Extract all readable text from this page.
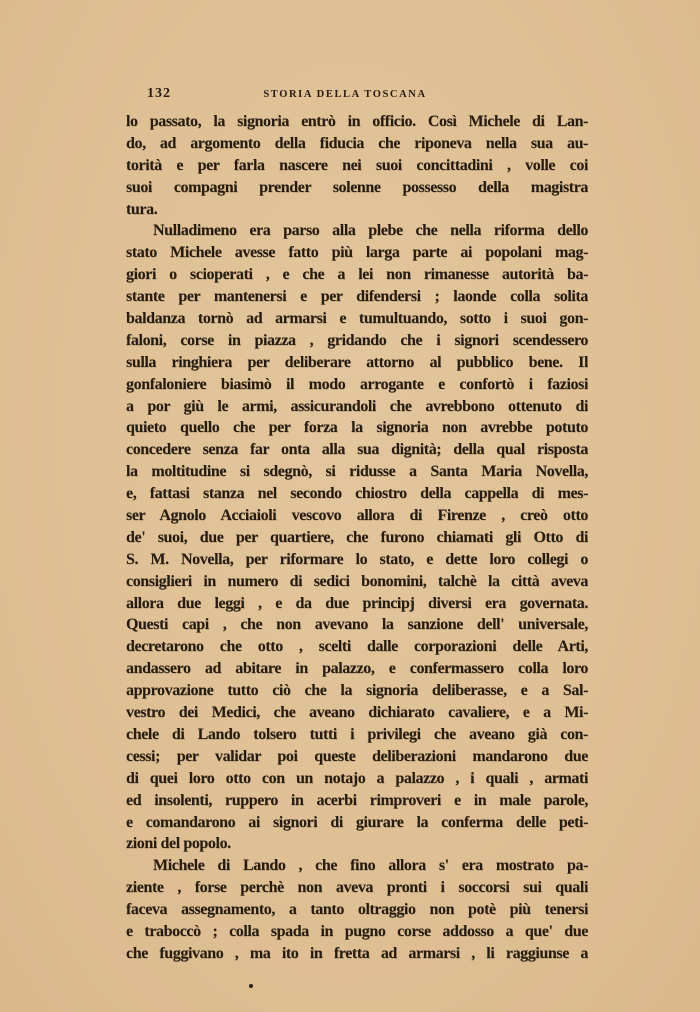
132	STORIA DELLA TOSCANA
lo passato, la signoria entrò in officio. Così Michele di Lan-
do, ad argomento della fiducia che riponeva nella sua au-
torità e per farla nascere nei suoi concittadini , volle coi
suoi compagni prender solenne possesso della magistra
tura.
Nulladimeno era parso alla plebe che nella riforma dello
stato Michele avesse fatto più larga parte ai popolani mag-
giori o scioperati , e che a lei non rimanesse autorità ba-
stante per mantenersi e per difendersi ; laonde colla solita
baldanza tornò ad armarsi e tumultuando, sotto i suoi gon-
faloni, corse in piazza , gridando che i signori scendessero
sulla ringhiera per deliberare attorno al pubblico bene. Il
gonfaloniere biasimò il modo arrogante e confortò i faziosi
a por giù le armi, assicurandoli che avrebbono ottenuto di
quieto quello che per forza la signoria non avrebbe potuto
concedere senza far onta alla sua dignità; della qual risposta
la moltitudine si sdegnò, si ridusse a Santa Maria Novella,
e, fattasi stanza nel secondo chiostro della cappella di mes-
ser Agnolo Acciaioli vescovo allora di Firenze , creò otto
de' suoi, due per quartiere, che furono chiamati gli Otto di
S. M. Novella, per riformare lo stato, e dette loro collegi o
consiglieri in numero di sedici bonomini, talchè la città aveva
allora due leggi , e da due principj diversi era governata.
Questi capi , che non avevano la sanzione dell' universale,
decretarono che otto , scelti dalle corporazioni delle Arti,
andassero ad abitare in palazzo, e confermassero colla loro
approvazione tutto ciò che la signoria deliberasse, e a Sal-
vestro dei Medici, che aveano dichiarato cavaliere, e a Mi-
chele di Lando tolsero tutti i privilegi che aveano già con-
cessi; per validar poi queste deliberazioni mandarono due
di quei loro otto con un notajo a palazzo , i quali , armati
ed insolenti, ruppero in acerbi rimproveri e in male parole,
e comandarono ai signori di giurare la conferma delle peti-
zioni del popolo.
Michele di Lando , che fino allora s' era mostrato pa-
ziente , forse perchè non aveva pronti i soccorsi sui quali
faceva assegnamento, a tanto oltraggio non potè più tenersi
e traboccò ; colla spada in pugno corse addosso a que' due
che fuggivano , ma ito in fretta ad armarsi , li raggiunse a
